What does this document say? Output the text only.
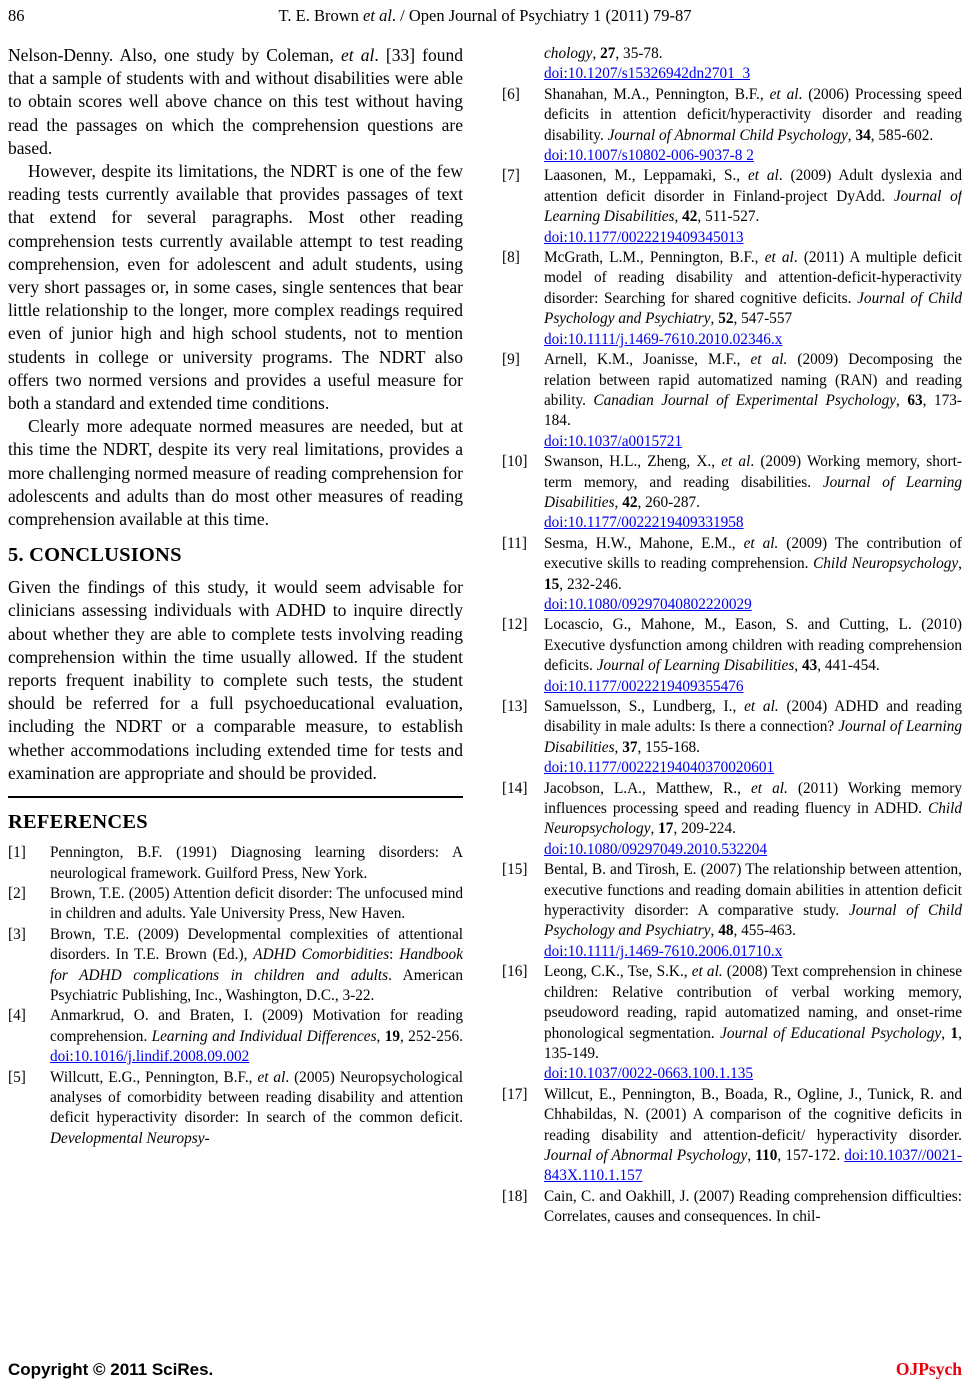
86	T. E. Brown et al. / Open Journal of Psychiatry 1 (2011) 79-87

Nelson-Denny. Also, one study by Coleman, et al. [33] found that a sample of students with and without disabilities were able to obtain scores well above chance on this test without having read the passages on which the comprehension questions are based.

However, despite its limitations, the NDRT is one of the few reading tests currently available that provides passages of text that extend for several paragraphs. Most other reading comprehension tests currently available attempt to test reading comprehension, even for adolescent and adult students, using very short passages or, in some cases, single sentences that bear little relationship to the longer, more complex readings required even of junior high and high school students, not to mention students in college or university programs. The NDRT also offers two normed versions and provides a useful measure for both a standard and extended time conditions.

Clearly more adequate normed measures are needed, but at this time the NDRT, despite its very real limitations, provides a more challenging normed measure of reading comprehension for adolescents and adults than do most other measures of reading comprehension available at this time.

5. CONCLUSIONS

Given the findings of this study, it would seem advisable for clinicians assessing individuals with ADHD to inquire directly about whether they are able to complete tests involving reading comprehension within the time usually allowed. If the student reports frequent inability to complete such tests, the student should be referred for a full psychoeducational evaluation, including the NDRT or a comparable measure, to establish whether accommodations including extended time for tests and examination are appropriate and should be provided.

REFERENCES
[1] Pennington, B.F. (1991) Diagnosing learning disorders: A neurological framework. Guilford Press, New York.
[2] Brown, T.E. (2005) Attention deficit disorder: The unfocused mind in children and adults. Yale University Press, New Haven.
[3] Brown, T.E. (2009) Developmental complexities of attentional disorders. In T.E. Brown (Ed.), ADHD Comorbidities: Handbook for ADHD complications in children and adults. American Psychiatric Publishing, Inc., Washington, D.C., 3-22.
[4] Anmarkrud, O. and Braten, I. (2009) Motivation for reading comprehension. Learning and Individual Differences, 19, 252-256. doi:10.1016/j.lindif.2008.09.002
[5] Willcutt, E.G., Pennington, B.F., et al. (2005) Neuropsychological analyses of comorbidity between reading disability and attention deficit hyperactivity disorder: In search of the common deficit. Developmental Neuropsy-
chology, 27, 35-78.
doi:10.1207/s15326942dn2701_3
[6] Shanahan, M.A., Pennington, B.F., et al. (2006) Processing speed deficits in attention deficit/hyperactivity disorder and reading disability. Journal of Abnormal Child Psychology, 34, 585-602.
doi:10.1007/s10802-006-9037-8 2
[7] Laasonen, M., Leppamaki, S., et al. (2009) Adult dyslexia and attention deficit disorder in Finland-project DyAdd. Journal of Learning Disabilities, 42, 511-527.
doi:10.1177/0022219409345013
[8] McGrath, L.M., Pennington, B.F., et al. (2011) A multiple deficit model of reading disability and attention-deficit-hyperactivity disorder: Searching for shared cognitive deficits. Journal of Child Psychology and Psychiatry, 52, 547-557
doi:10.1111/j.1469-7610.2010.02346.x
[9] Arnell, K.M., Joanisse, M.F., et al. (2009) Decomposing the relation between rapid automatized naming (RAN) and reading ability. Canadian Journal of Experimental Psychology, 63, 173-184.
doi:10.1037/a0015721
[10] Swanson, H.L., Zheng, X., et al. (2009) Working memory, short-term memory, and reading disabilities. Journal of Learning Disabilities, 42, 260-287.
doi:10.1177/0022219409331958
[11] Sesma, H.W., Mahone, E.M., et al. (2009) The contribution of executive skills to reading comprehension. Child Neuropsychology, 15, 232-246.
doi:10.1080/09297040802220029
[12] Locascio, G., Mahone, M., Eason, S. and Cutting, L. (2010) Executive dysfunction among children with reading comprehension deficits. Journal of Learning Disabilities, 43, 441-454.
doi:10.1177/0022219409355476
[13] Samuelsson, S., Lundberg, I., et al. (2004) ADHD and reading disability in male adults: Is there a connection? Journal of Learning Disabilities, 37, 155-168.
doi:10.1177/00222194040370020601
[14] Jacobson, L.A., Matthew, R., et al. (2011) Working memory influences processing speed and reading fluency in ADHD. Child Neuropsychology, 17, 209-224.
doi:10.1080/09297049.2010.532204
[15] Bental, B. and Tirosh, E. (2007) The relationship between attention, executive functions and reading domain abilities in attention deficit hyperactivity disorder: A comparative study. Journal of Child Psychology and Psychiatry, 48, 455-463.
doi:10.1111/j.1469-7610.2006.01710.x
[16] Leong, C.K., Tse, S.K., et al. (2008) Text comprehension in chinese children: Relative contribution of verbal working memory, pseudoword reading, rapid automatized naming, and onset-rime phonological segmentation. Journal of Educational Psychology, 1, 135-149.
doi:10.1037/0022-0663.100.1.135
[17] Willcut, E., Pennington, B., Boada, R., Ogline, J., Tunick, R. and Chhabildas, N. (2001) A comparison of the cognitive deficits in reading disability and attention-deficit/ hyperactivity disorder. Journal of Abnormal Psychology, 110, 157-172. doi:10.1037//0021-843X.110.1.157
[18] Cain, C. and Oakhill, J. (2007) Reading comprehension difficulties: Correlates, causes and consequences. In chil-
Copyright © 2011 SciRes.	OJPsych
